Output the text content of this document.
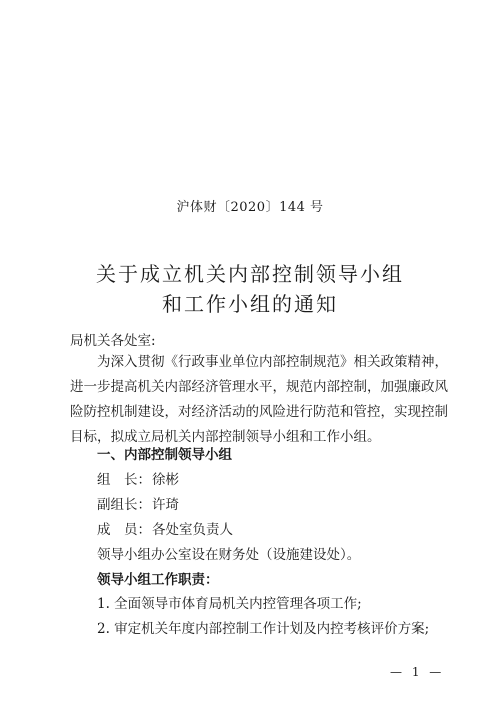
沪体财〔2020〕144 号
关于成立机关内部控制领导小组
和工作小组的通知
局机关各处室:
为深入贯彻《行政事业单位内部控制规范》相关政策精神，
进一步提高机关内部经济管理水平，规范内部控制，加强廉政风
险防控机制建设，对经济活动的风险进行防范和管控，实现控制
目标，拟成立局机关内部控制领导小组和工作小组。
一、内部控制领导小组
组　长： 徐彬
副组长： 许琦
成　员： 各处室负责人
领导小组办公室设在财务处（设施建设处）。
领导小组工作职责：
1. 全面领导市体育局机关内控管理各项工作;
2. 审定机关年度内部控制工作计划及内控考核评价方案;
— 1 —
